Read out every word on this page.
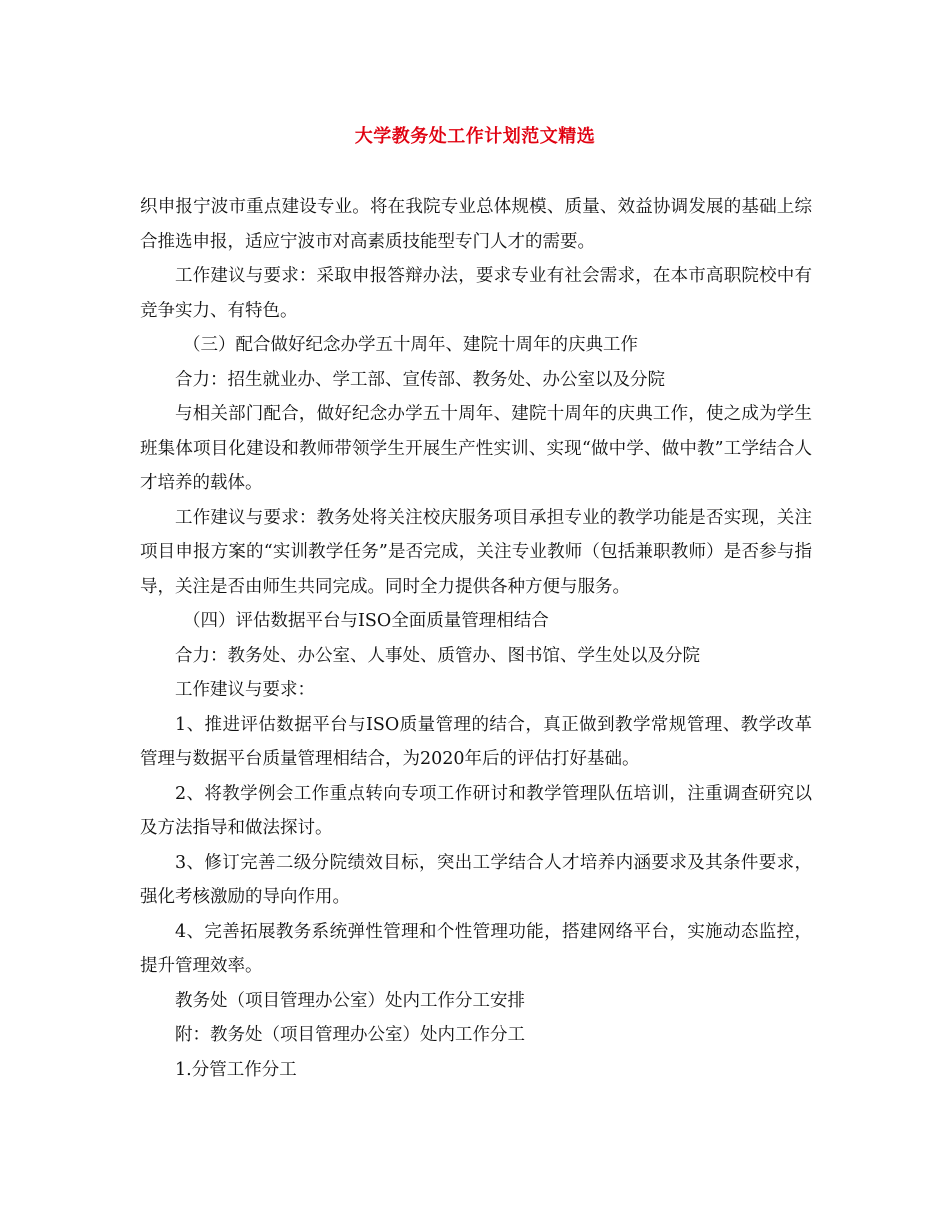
大学教务处工作计划范文精选

织申报宁波市重点建设专业。将在我院专业总体规模、质量、效益协调发展的基础上综合推选申报，适应宁波市对高素质技能型专门人才的需要。

工作建议与要求：采取申报答辩办法，要求专业有社会需求，在本市高职院校中有竞争实力、有特色。

（三）配合做好纪念办学五十周年、建院十周年的庆典工作

合力：招生就业办、学工部、宣传部、教务处、办公室以及分院

与相关部门配合，做好纪念办学五十周年、建院十周年的庆典工作，使之成为学生班集体项目化建设和教师带领学生开展生产性实训、实现“做中学、做中教”工学结合人才培养的载体。

工作建议与要求：教务处将关注校庆服务项目承担专业的教学功能是否实现，关注项目申报方案的“实训教学任务”是否完成，关注专业教师（包括兼职教师）是否参与指导，关注是否由师生共同完成。同时全力提供各种方便与服务。

（四）评估数据平台与ISO全面质量管理相结合

合力：教务处、办公室、人事处、质管办、图书馆、学生处以及分院

工作建议与要求：

1、推进评估数据平台与ISO质量管理的结合，真正做到教学常规管理、教学改革管理与数据平台质量管理相结合，为2020年后的评估打好基础。

2、将教学例会工作重点转向专项工作研讨和教学管理队伍培训，注重调查研究以及方法指导和做法探讨。

3、修订完善二级分院绩效目标，突出工学结合人才培养内涵要求及其条件要求，强化考核激励的导向作用。

4、完善拓展教务系统弹性管理和个性管理功能，搭建网络平台，实施动态监控，提升管理效率。

教务处（项目管理办公室）处内工作分工安排

附：教务处（项目管理办公室）处内工作分工

1.分管工作分工
